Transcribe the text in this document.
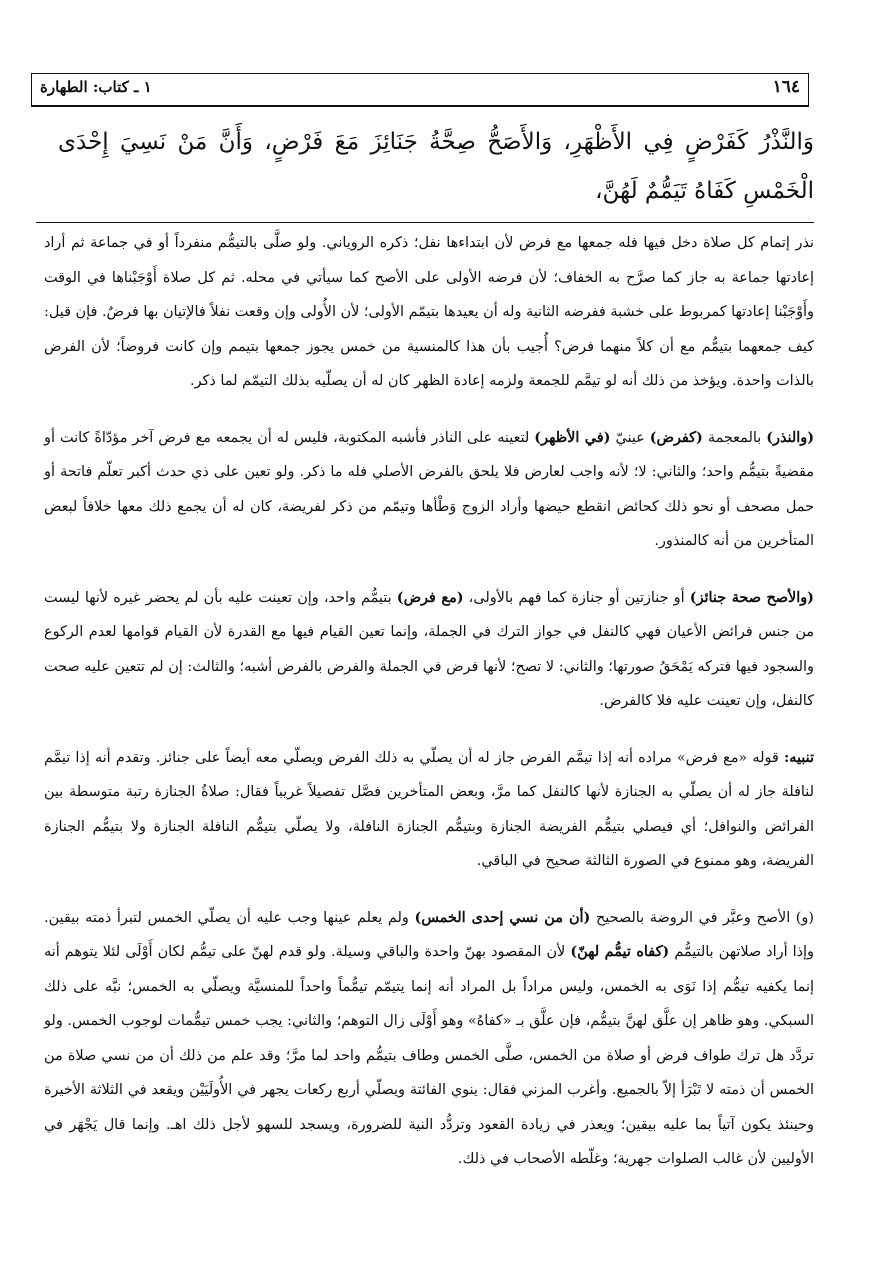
١ ـ كتاب: الطهارة	١٦٤
وَالنَّذْرُ كَفَرْضٍ فِي الأَظْهَرِ، وَالأَصَحُّ صِحَّةُ جَنَائِزَ مَعَ فَرْضٍ، وَأَنَّ مَنْ نَسِيَ إِحْدَى الْخَمْسِ كَفَاهُ تَيَمُّمٌ لَهُنَّ،

نذر إتمام كل صلاة دخل فيها فله جمعها مع فرض لأن ابتداءها نفل؛ ذكره الروياني. ولو صلَّى بالتيمُّم منفرداً أو في جماعة ثم أراد إعادتها جماعة به جاز كما صرَّح به الخفاف؛ لأن فرضه الأولى على الأصح كما سيأتي في محله. ثم كل صلاة أَوْجَبْناها في الوقت وأَوْجَبْنا إعادتها كمربوط على خشبة ففرضه الثانية وله أن يعيدها بتيمّم الأولى؛ لأن الأُولى وإن وقعت نفلاً فالإتيان بها فرضٌ. فإن قيل: كيف جمعهما بتيمُّم مع أن كلاً منهما فرض؟ أُجيب بأن هذا كالمنسية من خمس يجوز جمعها بتيمم وإن كانت فروضاً؛ لأن الفرض بالذات واحدة. ويؤخذ من ذلك أنه لو تيمَّم للجمعة ولزمه إعادة الظهر كان له أن يصلّيه بذلك التيمّم لما ذكر.

(والنذر) بالمعجمة (كفرض) عينيّ (في الأظهر) لتعينه على الناذر فأشبه المكتوبة، فليس له أن يجمعه مع فرض آخر مؤدّاةً كانت أو مقضيةً بتيمُّم واحد؛ والثاني: لا؛ لأنه واجب لعارض فلا يلحق بالفرض الأصلي فله ما ذكر. ولو تعين على ذي حدث أكبر تعلّم فاتحة أو حمل مصحف أو نحو ذلك كحائض انقطع حيضها وأراد الزوج وَطْأها وتيمّم من ذكر لفريضة، كان له أن يجمع ذلك معها خلافاً لبعض المتأخرين من أنه كالمنذور.

(والأصح صحة جنائز) أو جنازتين أو جنازة كما فهم بالأولى، (مع فرض) بتيمُّم واحد، وإن تعينت عليه بأن لم يحضر غيره لأنها ليست من جنس فرائض الأعيان فهي كالنفل في جواز الترك في الجملة، وإنما تعين القيام فيها مع القدرة لأن القيام قوامها لعدم الركوع والسجود فيها فتركه يَمْحَقُ صورتها؛ والثاني: لا تصح؛ لأنها فرض في الجملة والفرض بالفرض أشبه؛ والثالث: إن لم تتعين عليه صحت كالنفل، وإن تعينت عليه فلا كالفرض.

تنبيه: قوله «مع فرض» مراده أنه إذا تيمَّم الفرض جاز له أن يصلّي به ذلك الفرض ويصلّي معه أيضاً على جنائز. وتقدم أنه إذا تيمَّم لنافلة جاز له أن يصلّي به الجنازة لأنها كالنفل كما مرَّ، وبعض المتأخرين فصَّل تفصيلاً غريباً فقال: صلاةُ الجنازة رتبة متوسطة بين الفرائض والنوافل؛ أي فيصلي بتيمُّم الفريضة الجنازة وبتيمُّم الجنازة النافلة، ولا يصلّي بتيمُّم النافلة الجنازة ولا بتيمُّم الجنازة الفريضة، وهو ممنوع في الصورة الثالثة صحيح في الباقي.

(و) الأصح وعبَّر في الروضة بالصحيح (أن من نسي إحدى الخمس) ولم يعلم عينها وجب عليه أن يصلّي الخمس لتبرأ ذمته بيقين. وإذا أراد صلاتهن بالتيمُّم (كفاه تيمُّم لهنّ) لأن المقصود بهنّ واحدة والباقي وسيلة. ولو قدم لهنّ على تيمُّم لكان أَوْلَى لئلا يتوهم أنه إنما يكفيه تيمُّم إذا نَوَى به الخمس، وليس مراداً بل المراد أنه إنما يتيمّم تيمُّماً واحداً للمنسيَّة ويصلّي به الخمس؛ نبَّه على ذلك السبكي. وهو ظاهر إن علَّق لهنَّ بتيمُّم، فإن علَّق بـ «كفاهُ» وهو أَوْلَى زال التوهم؛ والثاني: يجب خمس تيمُّمات لوجوب الخمس. ولو تردَّد هل ترك طواف فرض أو صلاة من الخمس، صلَّى الخمس وطاف بتيمُّم واحد لما مرَّ؛ وقد علم من ذلك أن من نسي صلاة من الخمس أن ذمته لا تَبْرَأ إلاّ بالجميع. وأغرب المزني فقال: ينوي الفائتة ويصلّي أربع ركعات يجهر في الأُولَيَيْن ويقعد في الثلاثة الأخيرة وحينئذ يكون آتياً بما عليه بيقين؛ ويعذر في زيادة القعود وتردُّد النية للضرورة، ويسجد للسهو لأجل ذلك اهـ. وإنما قال يَجْهَر في الأوليين لأن غالب الصلوات جهرية؛ وغلّطه الأصحاب في ذلك.
